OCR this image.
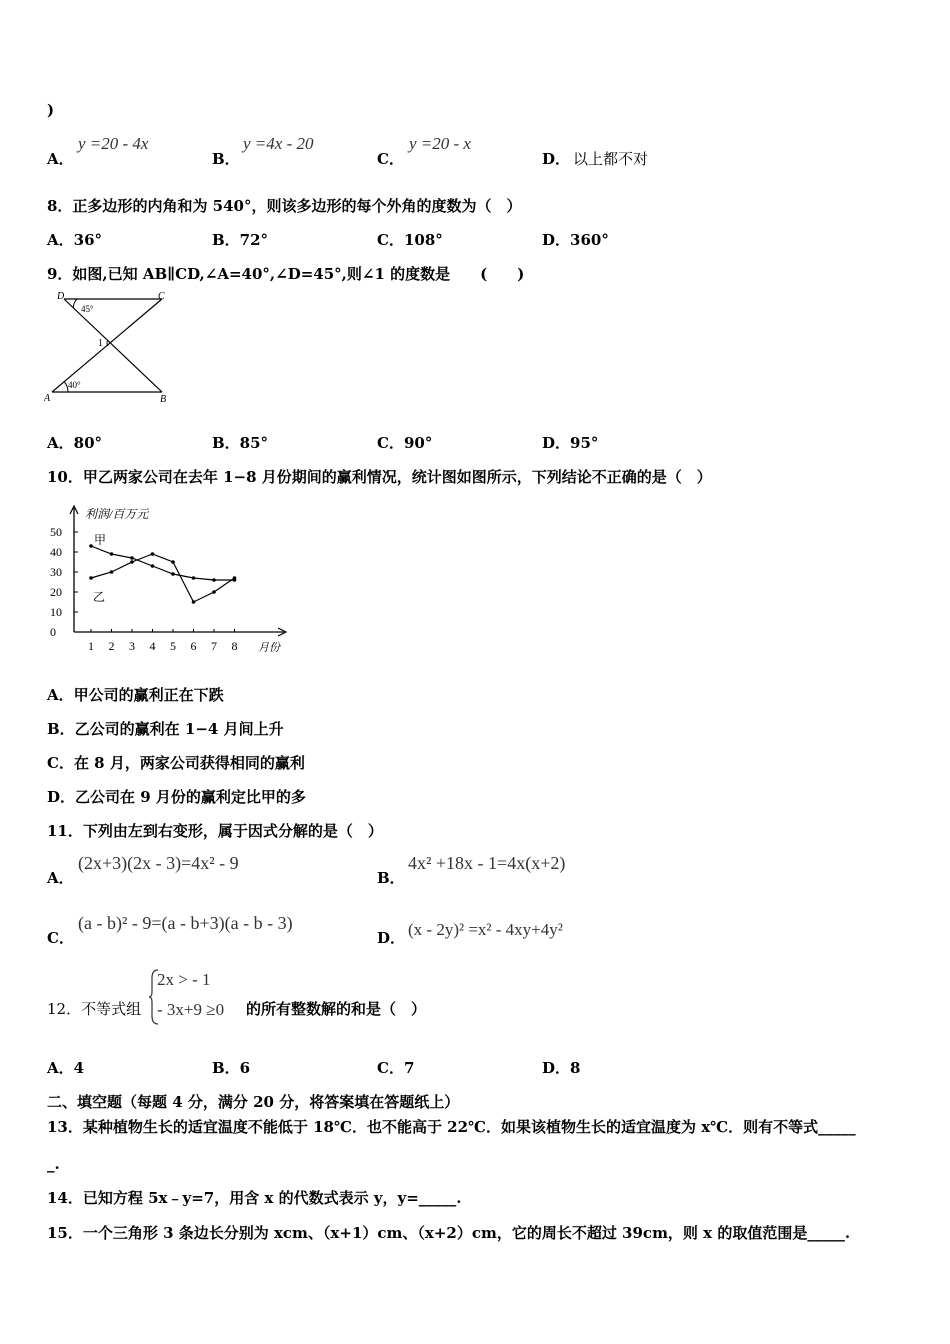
)
A．
y =20 - 4x
B．
y =4x - 20
C．
y =20 - x
D． 以上都不对
8．正多边形的内角和为 540°，则该多边形的每个外角的度数为（　）
A．36°	B．72°	C．108°	D．360°
9．如图,已知 AB∥CD,∠A=40°,∠D=45°,则∠1 的度数是　　(　　)
D	C
A	B
45°
40°
1
A．80°	B．85°	C．90°	D．95°
10．甲乙两家公司在去年 1−8 月份期间的赢利情况，统计图如图所示，下列结论不正确的是（　）
0
10
20
30
40
50
1 2 3 4 5 6 7 8
利润/百万元
月份
甲
乙
A．甲公司的赢利正在下跌
B．乙公司的赢利在 1−4 月间上升
C．在 8 月，两家公司获得相同的赢利
D．乙公司在 9 月份的赢利定比甲的多
11．下列由左到右变形，属于因式分解的是（　）
A．
(2x+3)(2x - 3)=4x² - 9
B．
4x² +18x - 1=4x(x+2)
C．
(a - b)² - 9=(a - b+3)(a - b - 3)
D． (x - 2y)² =x² - 4xy+4y²
12．不等式组
2x > - 1
- 3x+9 ≥0 的所有整数解的和是（　）
A．4	B．6	C．7	D．8
二、填空题（每题 4 分，满分 20 分，将答案填在答题纸上）
13．某种植物生长的适宜温度不能低于 18℃．也不能高于 22℃．如果该植物生长的适宜温度为 x℃．则有不等式_____
_.
14．已知方程 5x﹣y=7，用含 x 的代数式表示 y，y=_____.
15．一个三角形 3 条边长分别为 xcm、（x+1）cm、（x+2）cm，它的周长不超过 39cm，则 x 的取值范围是_____.
